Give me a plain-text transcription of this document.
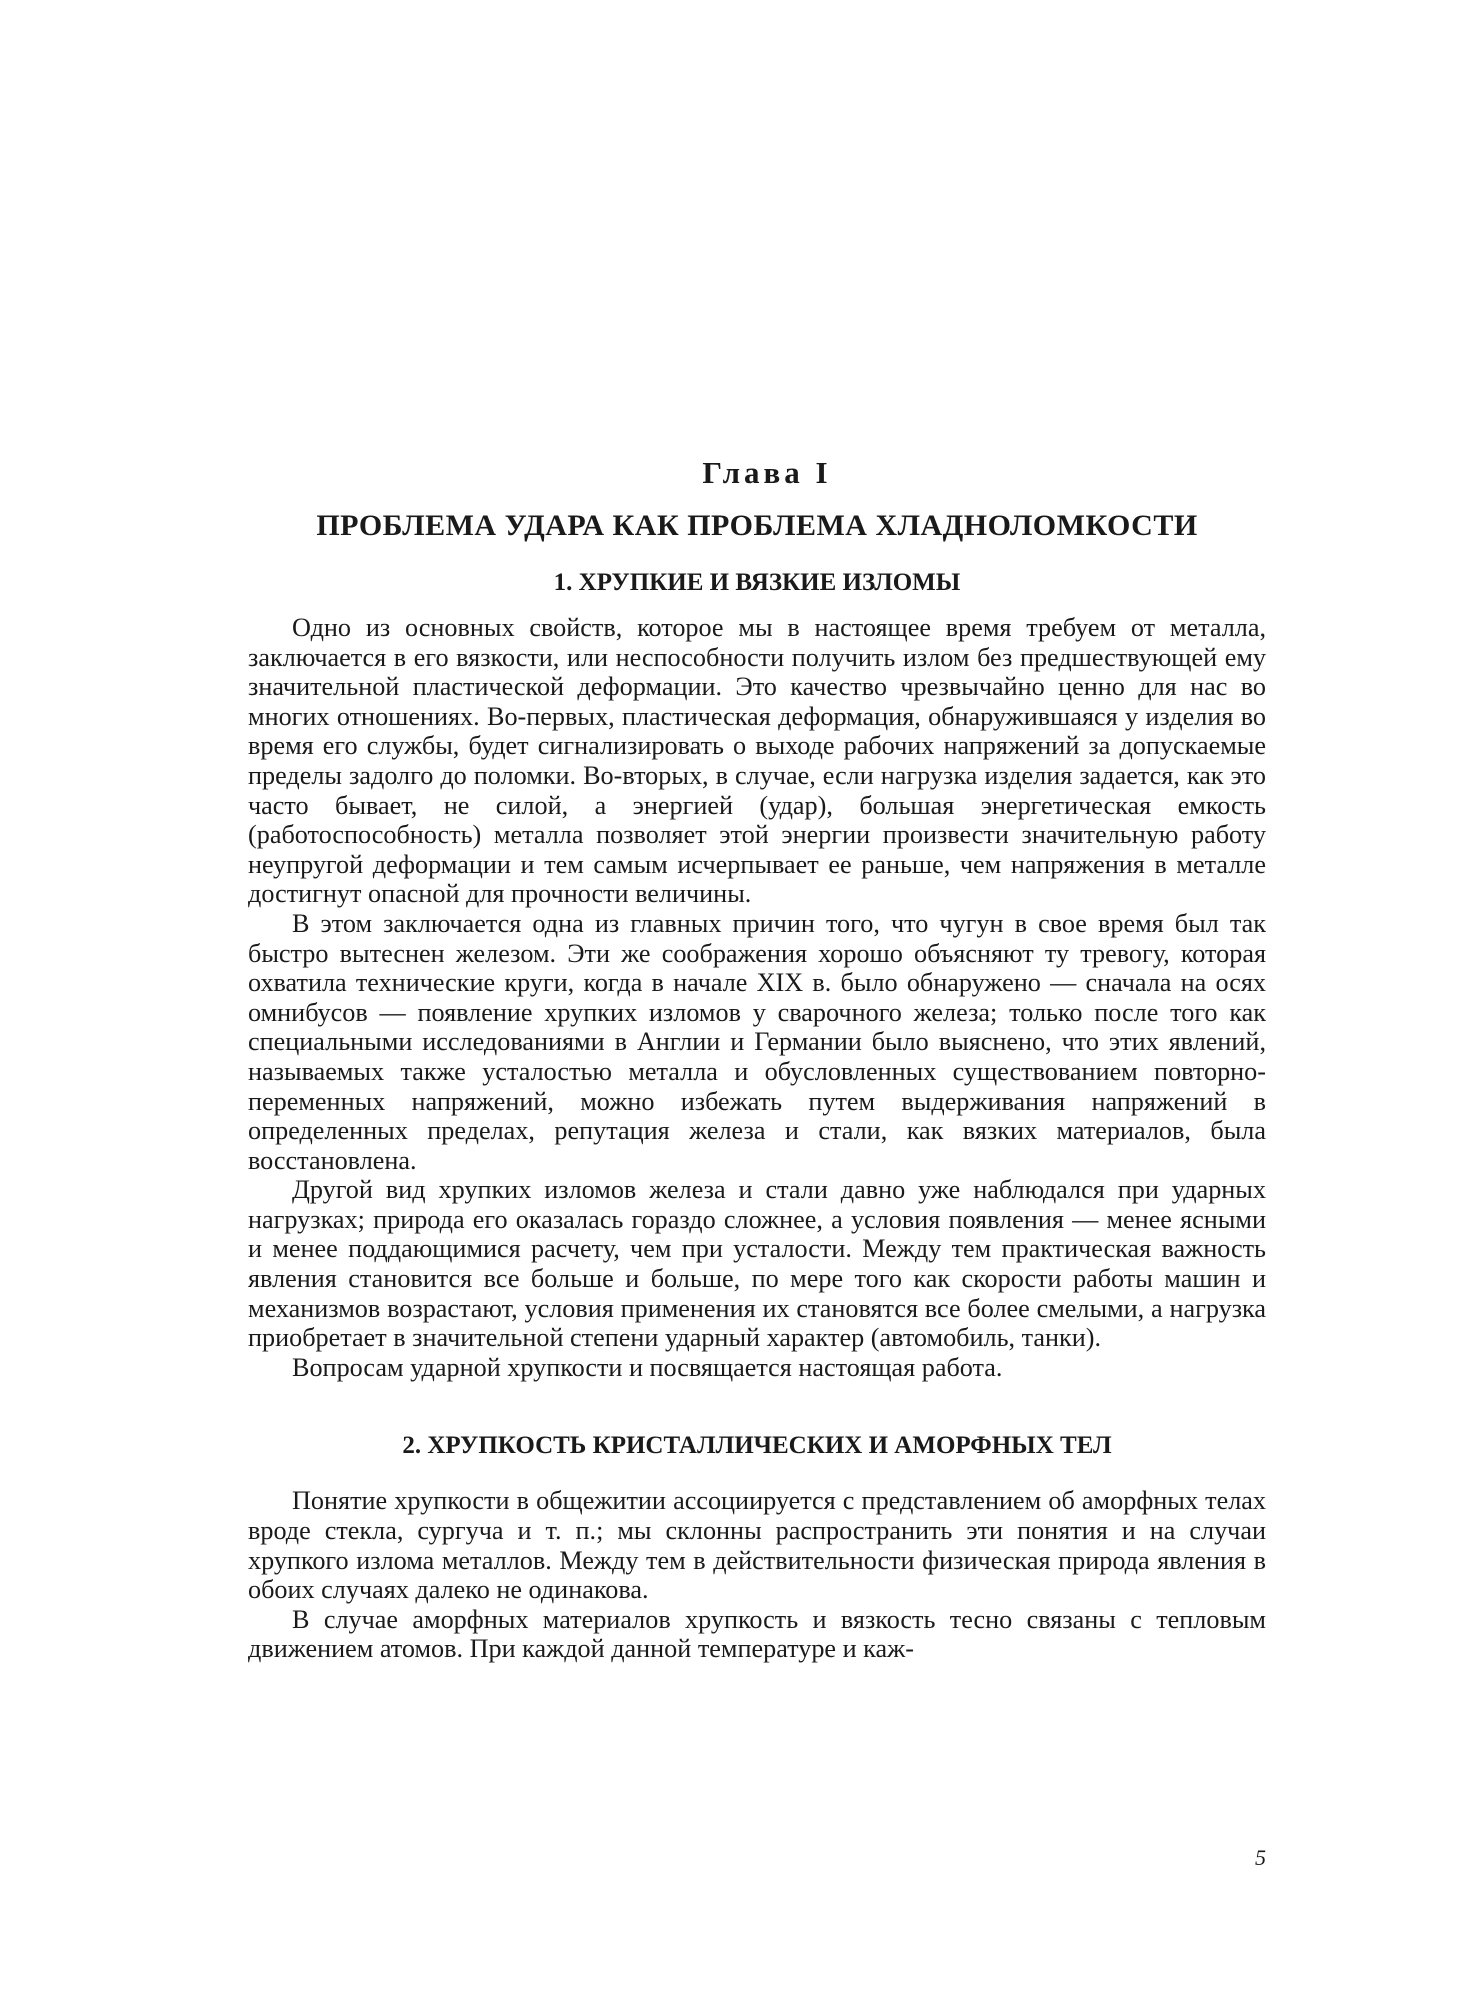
Глава I
ПРОБЛЕМА УДАРА КАК ПРОБЛЕМА ХЛАДНОЛОМКОСТИ
1. ХРУПКИЕ И ВЯЗКИЕ ИЗЛОМЫ

Одно из основных свойств, которое мы в настоящее время требуем от металла, заключается в его вязкости, или неспособности получить излом без предшествующей ему значительной пластической деформации. Это качество чрезвычайно ценно для нас во многих отношениях. Во-первых, пластическая деформация, обнаружившаяся у изделия во время его службы, будет сигнализировать о выходе рабочих напряжений за допускаемые пределы задолго до поломки. Во-вторых, в случае, если нагрузка изделия задается, как это часто бывает, не силой, а энергией (удар), большая энергетическая емкость (работоспособность) металла позволяет этой энергии произвести значительную работу неупругой деформации и тем самым исчерпывает ее раньше, чем напряжения в металле достигнут опасной для прочности величины.

В этом заключается одна из главных причин того, что чугун в свое время был так быстро вытеснен железом. Эти же соображения хорошо объясняют ту тревогу, которая охватила технические круги, когда в начале XIX в. было обнаружено — сначала на осях омнибусов — появление хрупких изломов у сварочного железа; только после того как специальными исследованиями в Англии и Германии было выяснено, что этих явлений, называемых также усталостью металла и обусловленных существованием повторно-переменных напряжений, можно избежать путем выдерживания напряжений в определенных пределах, репутация железа и стали, как вязких материалов, была восстановлена.

Другой вид хрупких изломов железа и стали давно уже наблюдался при ударных нагрузках; природа его оказалась гораздо сложнее, а условия появления — менее ясными и менее поддающимися расчету, чем при усталости. Между тем практическая важность явления становится все больше и больше, по мере того как скорости работы машин и механизмов возрастают, условия применения их становятся все более смелыми, а нагрузка приобретает в значительной степени ударный характер (автомобиль, танки).

Вопросам ударной хрупкости и посвящается настоящая работа.

2. ХРУПКОСТЬ КРИСТАЛЛИЧЕСКИХ И АМОРФНЫХ ТЕЛ

Понятие хрупкости в общежитии ассоциируется с представлением об аморфных телах вроде стекла, сургуча и т. п.; мы склонны распространить эти понятия и на случаи хрупкого излома металлов. Между тем в действительности физическая природа явления в обоих случаях далеко не одинакова.

В случае аморфных материалов хрупкость и вязкость тесно связаны с тепловым движением атомов. При каждой данной температуре и каж-

5
